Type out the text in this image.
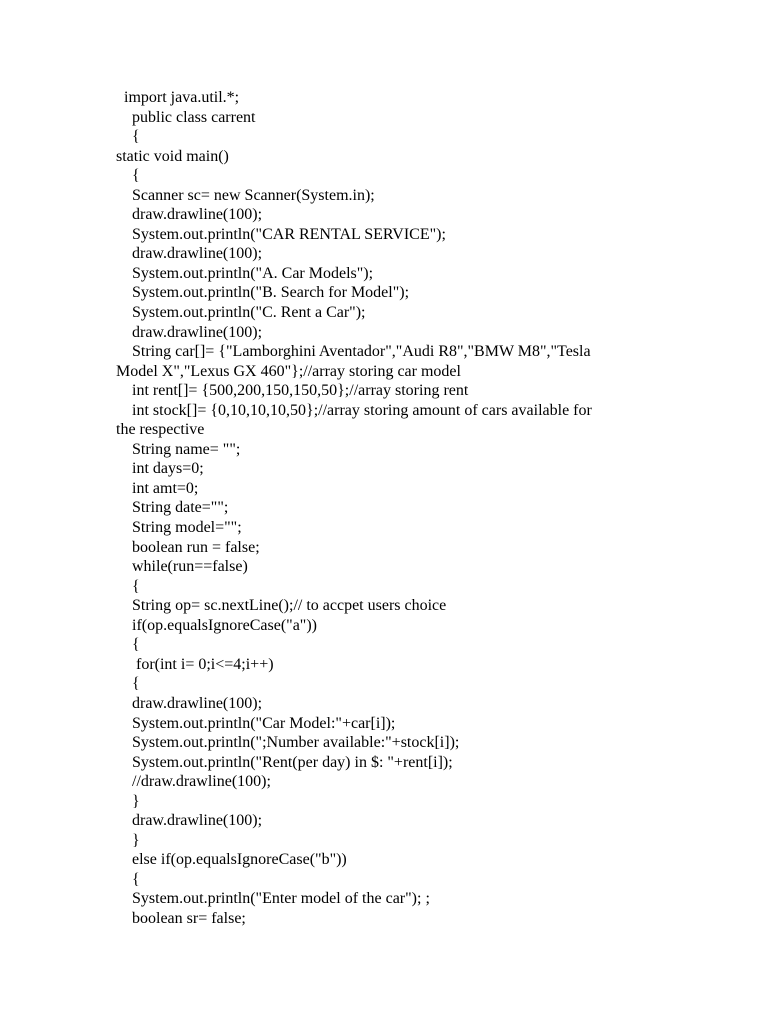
import java.util.*;
public class carrent
{
static void main()
{
Scanner sc= new Scanner(System.in);
draw.drawline(100);
System.out.println("CAR RENTAL SERVICE");
draw.drawline(100);
System.out.println("A. Car Models");
System.out.println("B. Search for Model");
System.out.println("C. Rent a Car");
draw.drawline(100);
String car[]= {"Lamborghini Aventador","Audi R8","BMW M8","Tesla
Model X","Lexus GX 460"};//array storing car model
int rent[]= {500,200,150,150,50};//array storing rent
int stock[]= {0,10,10,10,50};//array storing amount of cars available for
the respective
String name= "";
int days=0;
int amt=0;
String date="";
String model="";
boolean run = false;
while(run==false)
{
String op= sc.nextLine();// to accpet users choice
if(op.equalsIgnoreCase("a"))
{
for(int i= 0;i<=4;i++)
{
draw.drawline(100);
System.out.println("Car Model:"+car[i]);
System.out.println(";Number available:"+stock[i]);
System.out.println("Rent(per day) in $: "+rent[i]);
//draw.drawline(100);
}
draw.drawline(100);
}
else if(op.equalsIgnoreCase("b"))
{
System.out.println("Enter model of the car"); ;
boolean sr= false;
